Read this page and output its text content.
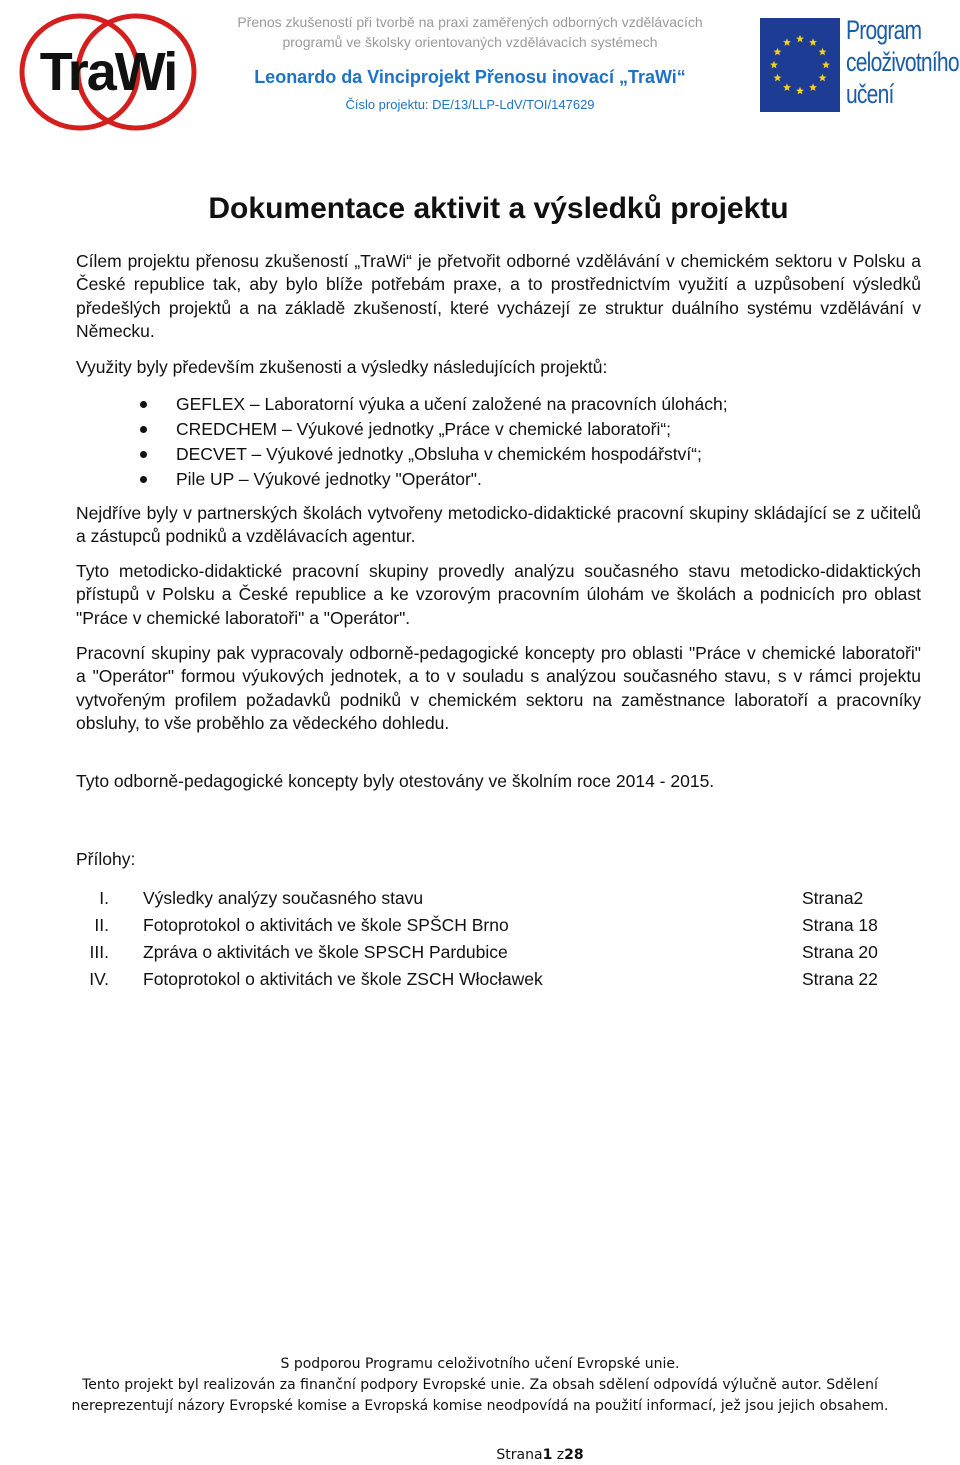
TraWi
Přenos zkušeností při tvorbě na praxi zaměřených odborných vzdělávacích
programů ve školsky orientovaných vzdělávacích systémech
Leonardo da Vinciprojekt Přenosu inovací „TraWi“
Číslo projektu: DE/13/LLP-LdV/TOI/147629
Program
celoživotního
učení
Dokumentace aktivit a výsledků projektu
Cílem projektu přenosu zkušeností „TraWi“ je přetvořit odborné vzdělávání v chemickém sektoru v Polsku a České republice tak, aby bylo blíže potřebám praxe, a to prostřednictvím využití a uzpůsobení výsledků předešlých projektů a na základě zkušeností, které vycházejí ze struktur duálního systému vzdělávání v Německu.
Využity byly především zkušenosti a výsledky následujících projektů:
GEFLEX – Laboratorní výuka a učení založené na pracovních úlohách;
CREDCHEM – Výukové jednotky „Práce v chemické laboratoři“;
DECVET – Výukové jednotky „Obsluha v chemickém hospodářství“;
Pile UP – Výukové jednotky "Operátor".
Nejdříve byly v partnerských školách vytvořeny metodicko-didaktické pracovní skupiny skládající se z učitelů a zástupců podniků a vzdělávacích agentur.
Tyto metodicko-didaktické pracovní skupiny provedly analýzu současného stavu metodicko-didaktických přístupů v Polsku a České republice a ke vzorovým pracovním úlohám ve školách a podnicích pro oblast "Práce v chemické laboratoři" a "Operátor".
Pracovní skupiny pak vypracovaly odborně-pedagogické koncepty pro oblasti "Práce v chemické laboratoři" a "Operátor" formou výukových jednotek, a to v souladu s analýzou současného stavu, s v rámci projektu vytvořeným profilem požadavků podniků v chemickém sektoru na zaměstnance laboratoří a pracovníky obsluhy, to vše proběhlo za vědeckého dohledu.
Tyto odborně-pedagogické koncepty byly otestovány ve školním roce 2014 - 2015.
Přílohy:
I. Výsledky analýzy současného stavu	Strana2
II. Fotoprotokol o aktivitách ve škole SPŠCH Brno	Strana 18
III. Zpráva o aktivitách ve škole SPSCH Pardubice	Strana 20
IV. Fotoprotokol o aktivitách ve škole ZSCH Włocławek	Strana 22
S podporou Programu celoživotního učení Evropské unie.
Tento projekt byl realizován za finanční podpory Evropské unie. Za obsah sdělení odpovídá výlučně autor. Sdělení nereprezentují názory Evropské komise a Evropská komise neodpovídá na použití informací, jež jsou jejich obsahem.
Strana1 z28
